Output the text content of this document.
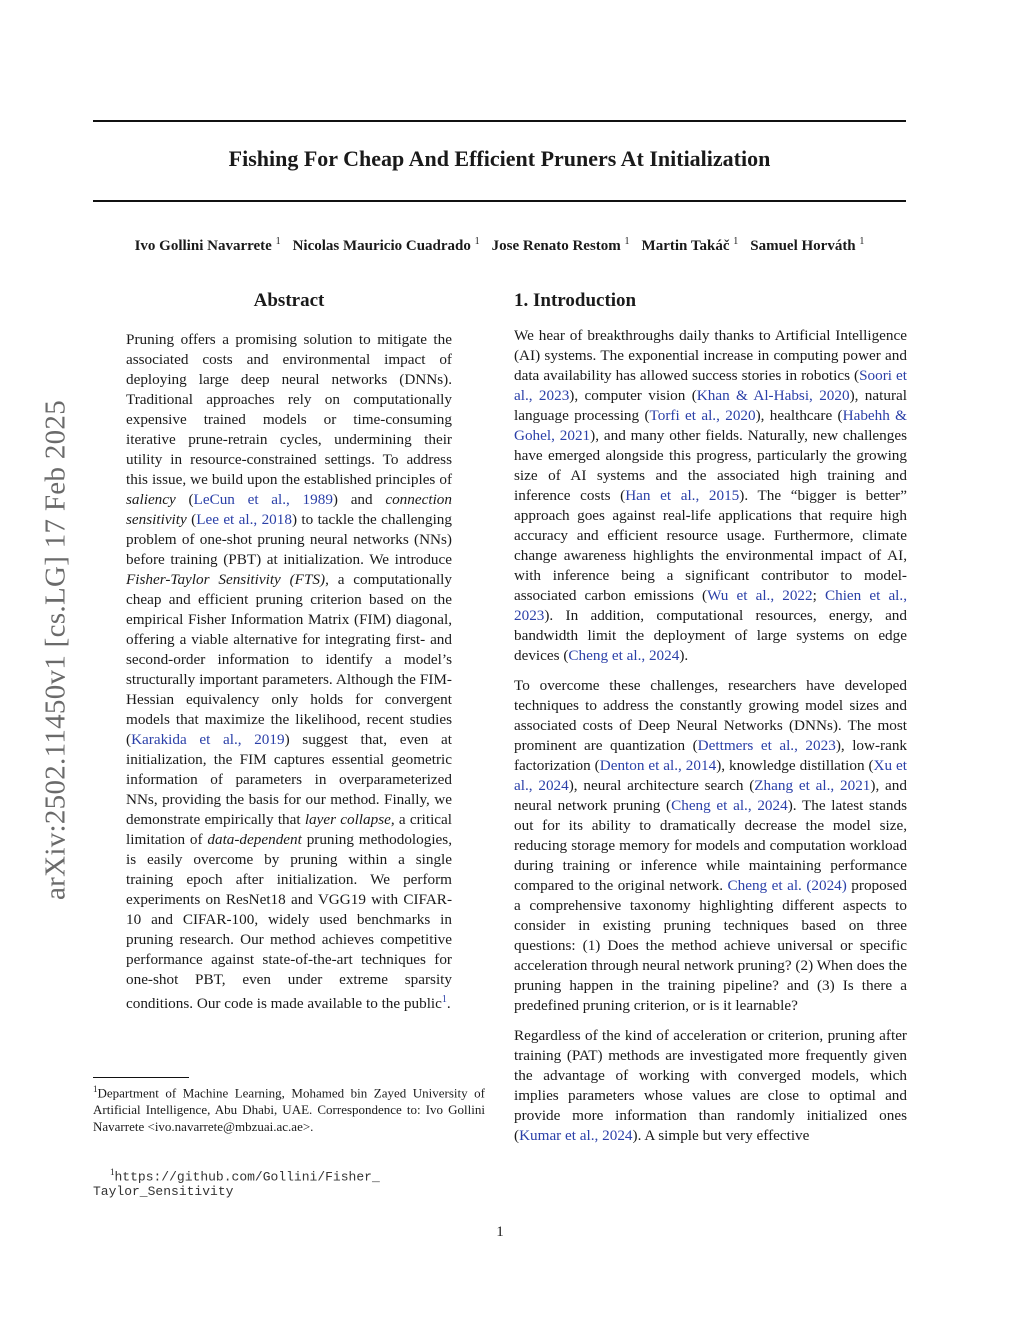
Fishing For Cheap And Efficient Pruners At Initialization
Ivo Gollini Navarrete $^1$ Nicolas Mauricio Cuadrado $^1$ Jose Renato Restom $^1$ Martin Takáč $^1$ Samuel Horváth $^1$
arXiv:2502.11450v1 [cs.LG] 17 Feb 2025
Abstract
Pruning offers a promising solution to mitigate the associated costs and environmental impact of deploying large deep neural networks (DNNs). Traditional approaches rely on computationally expensive trained models or time-consuming iterative prune-retrain cycles, undermining their utility in resource-constrained settings. To address this issue, we build upon the established principles of saliency (LeCun et al., 1989) and connection sensitivity (Lee et al., 2018) to tackle the challenging problem of one-shot pruning neural networks (NNs) before training (PBT) at initialization. We introduce Fisher-Taylor Sensitivity (FTS), a computationally cheap and efficient pruning criterion based on the empirical Fisher Information Matrix (FIM) diagonal, offering a viable alternative for integrating first- and second-order information to identify a model’s structurally important parameters. Although the FIM-Hessian equivalency only holds for convergent models that maximize the likelihood, recent studies (Karakida et al., 2019) suggest that, even at initialization, the FIM captures essential geometric information of parameters in overparameterized NNs, providing the basis for our method. Finally, we demonstrate empirically that layer collapse, a critical limitation of data-dependent pruning methodologies, is easily overcome by pruning within a single training epoch after initialization. We perform experiments on ResNet18 and VGG19 with CIFAR-10 and CIFAR-100, widely used benchmarks in pruning research. Our method achieves competitive performance against state-of-the-art techniques for one-shot PBT, even under extreme sparsity conditions. Our code is made available to the public$^1$.
1. Introduction

We hear of breakthroughs daily thanks to Artificial Intelligence (AI) systems. The exponential increase in computing power and data availability has allowed success stories in robotics (Soori et al., 2023), computer vision (Khan & Al-Habsi, 2020), natural language processing (Torfi et al., 2020), healthcare (Habehh & Gohel, 2021), and many other fields. Naturally, new challenges have emerged alongside this progress, particularly the growing size of AI systems and the associated high training and inference costs (Han et al., 2015). The “bigger is better” approach goes against real-life applications that require high accuracy and efficient resource usage. Furthermore, climate change awareness highlights the environmental impact of AI, with inference being a significant contributor to model-associated carbon emissions (Wu et al., 2022; Chien et al., 2023). In addition, computational resources, energy, and bandwidth limit the deployment of large systems on edge devices (Cheng et al., 2024).

To overcome these challenges, researchers have developed techniques to address the constantly growing model sizes and associated costs of Deep Neural Networks (DNNs). The most prominent are quantization (Dettmers et al., 2023), low-rank factorization (Denton et al., 2014), knowledge distillation (Xu et al., 2024), neural architecture search (Zhang et al., 2021), and neural network pruning (Cheng et al., 2024). The latest stands out for its ability to dramatically decrease the model size, reducing storage memory for models and computation workload during training or inference while maintaining performance compared to the original network. Cheng et al. (2024) proposed a comprehensive taxonomy highlighting different aspects to consider in existing pruning techniques based on three questions: (1) Does the method achieve universal or specific acceleration through neural network pruning? (2) When does the pruning happen in the training pipeline? and (3) Is there a predefined pruning criterion, or is it learnable?

Regardless of the kind of acceleration or criterion, pruning after training (PAT) methods are investigated more frequently given the advantage of working with converged models, which implies parameters whose values are close to optimal and provide more information than randomly initialized ones (Kumar et al., 2024). A simple but very effective

$^1$Department of Machine Learning, Mohamed bin Zayed University of Artificial Intelligence, Abu Dhabi, UAE. Correspondence to: Ivo Gollini Navarrete <ivo.navarrete@mbzuai.ac.ae>.
$^1$https://github.com/Gollini/Fisher_
Taylor_Sensitivity
1
